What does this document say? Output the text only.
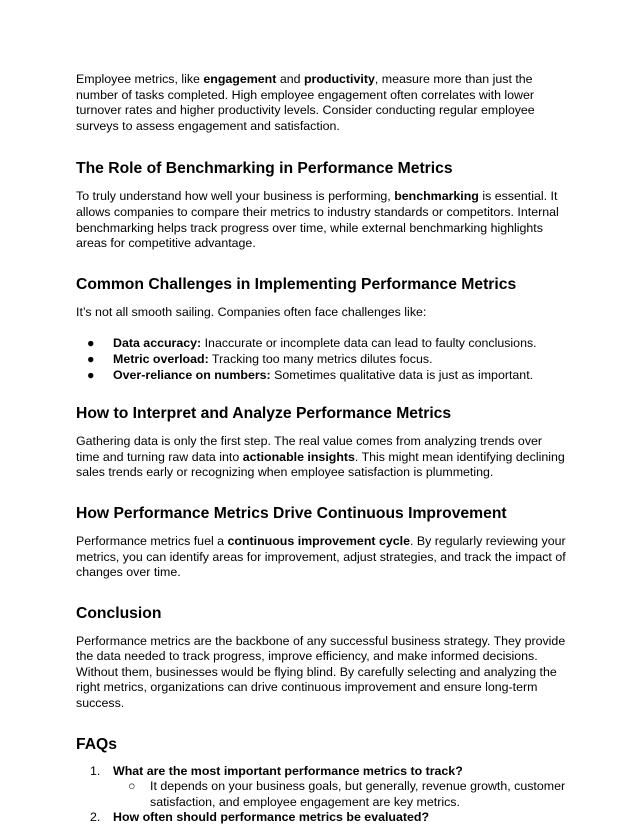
Employee metrics, like engagement and productivity, measure more than just the number of tasks completed. High employee engagement often correlates with lower turnover rates and higher productivity levels. Consider conducting regular employee surveys to assess engagement and satisfaction.

The Role of Benchmarking in Performance Metrics

To truly understand how well your business is performing, benchmarking is essential. It allows companies to compare their metrics to industry standards or competitors. Internal benchmarking helps track progress over time, while external benchmarking highlights areas for competitive advantage.

Common Challenges in Implementing Performance Metrics

It’s not all smooth sailing. Companies often face challenges like:

● Data accuracy: Inaccurate or incomplete data can lead to faulty conclusions.
● Metric overload: Tracking too many metrics dilutes focus.
● Over-reliance on numbers: Sometimes qualitative data is just as important.
How to Interpret and Analyze Performance Metrics

Gathering data is only the first step. The real value comes from analyzing trends over time and turning raw data into actionable insights. This might mean identifying declining sales trends early or recognizing when employee satisfaction is plummeting.

How Performance Metrics Drive Continuous Improvement

Performance metrics fuel a continuous improvement cycle. By regularly reviewing your metrics, you can identify areas for improvement, adjust strategies, and track the impact of changes over time.

Conclusion

Performance metrics are the backbone of any successful business strategy. They provide the data needed to track progress, improve efficiency, and make informed decisions. Without them, businesses would be flying blind. By carefully selecting and analyzing the right metrics, organizations can drive continuous improvement and ensure long-term success.

FAQs
1. What are the most important performance metrics to track?
○ It depends on your business goals, but generally, revenue growth, customer satisfaction, and employee engagement are key metrics.
2. How often should performance metrics be evaluated?
